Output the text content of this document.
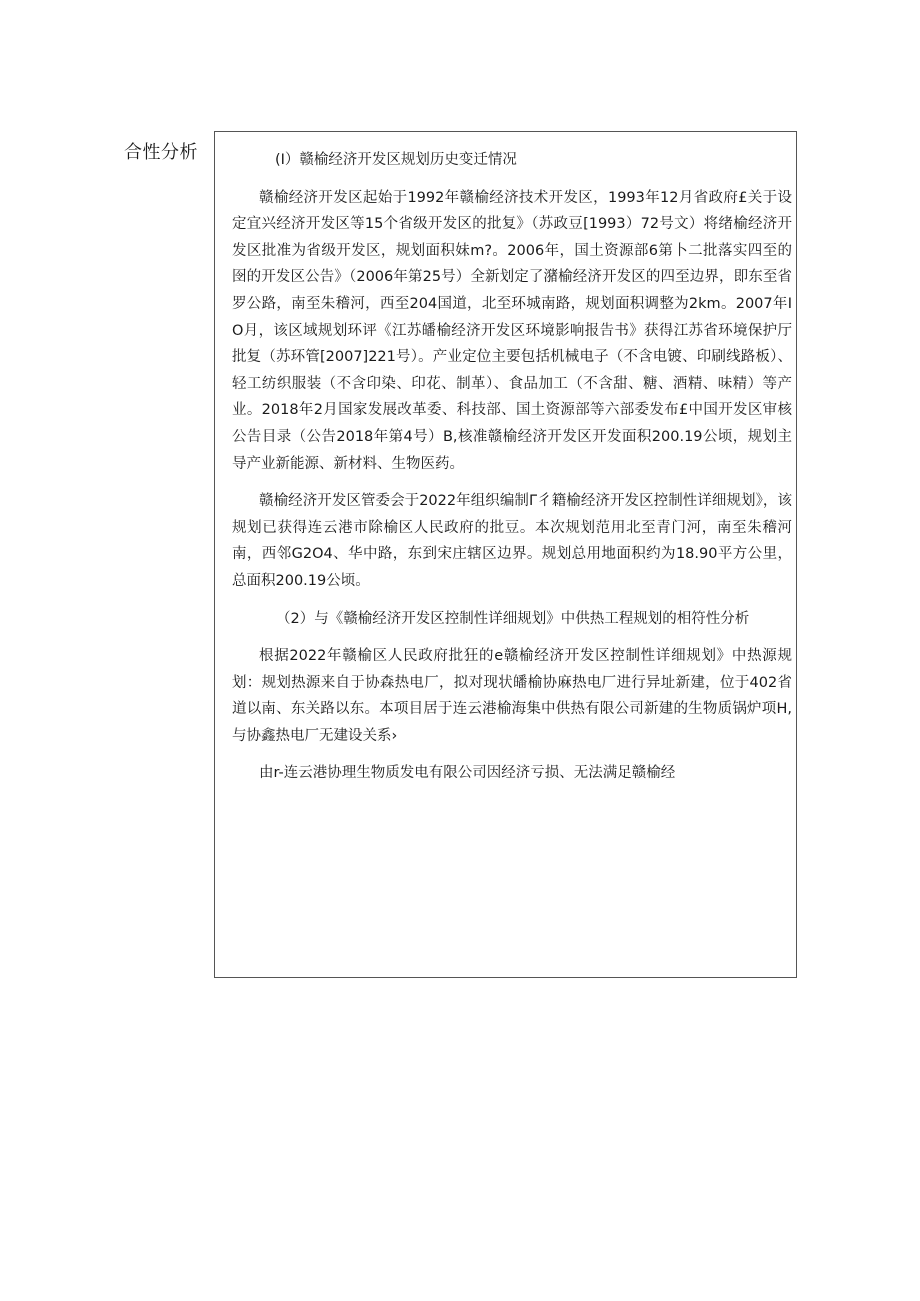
合性分析	(I）赣榆经济开发区规划历史变迁情况

赣榆经济开发区起始于1992年赣榆经济技术开发区，1993年12月省政府£关于设定宜兴经济开发区等15个省级开发区的批复》（苏政豆[1993）72号文）将绪榆经济开发区批准为省级开发区，规划面积妹m?。2006年，国土资源部6第卜二批落实四至的囹的开发区公告》（2006年第25号）全新划定了潴榆经济开发区的四至边界，即东至省罗公路，南至朱稽河，西至204国道，北至环城南路，规划面积调整为2km。2007年IO月，该区域规划环评《江苏皤榆经济开发区环境影响报告书》获得江苏省环境保护厅批复（苏环管[2007]221号）。产业定位主要包括机械电子（不含电镀、印刷线路板）、轻工纺织服装（不含印染、印花、制革）、食品加工（不含甜、糖、酒精、味精）等产业。2018年2月国家发展改革委、科技部、国土资源部等六部委发布£中国开发区审核公告目录（公告2018年第4号）B,核准赣榆经济开发区开发面积200.19公顷，规划主导产业新能源、新材料、生物医药。

赣榆经济开发区管委会于2022年组织编制Γ彳籍榆经济开发区控制性详细规划》，该规划已获得连云港市除榆区人民政府的批豆。本次规划范用北至青门河，南至朱稽河南，西邻G2O4、华中路，东到宋庄辖区边界。规划总用地面积约为18.90平方公里，总面积200.19公顷。

（2）与《赣榆经济开发区控制性详细规划》中供热工程规划的相符性分析

根据2022年赣榆区人民政府批狂的e赣榆经济开发区控制性详细规划》中热源规划：规划热源来自于协森热电厂，拟对现状皤榆协麻热电厂进行异址新建，位于402省道以南、东关路以东。本项目居于连云港榆海集中供热有限公司新建的生物质锅炉项H,与协鑫热电厂无建设关系›

由r-连云港协理生物质发电有限公司因经济亏损、无法满足赣榆经
